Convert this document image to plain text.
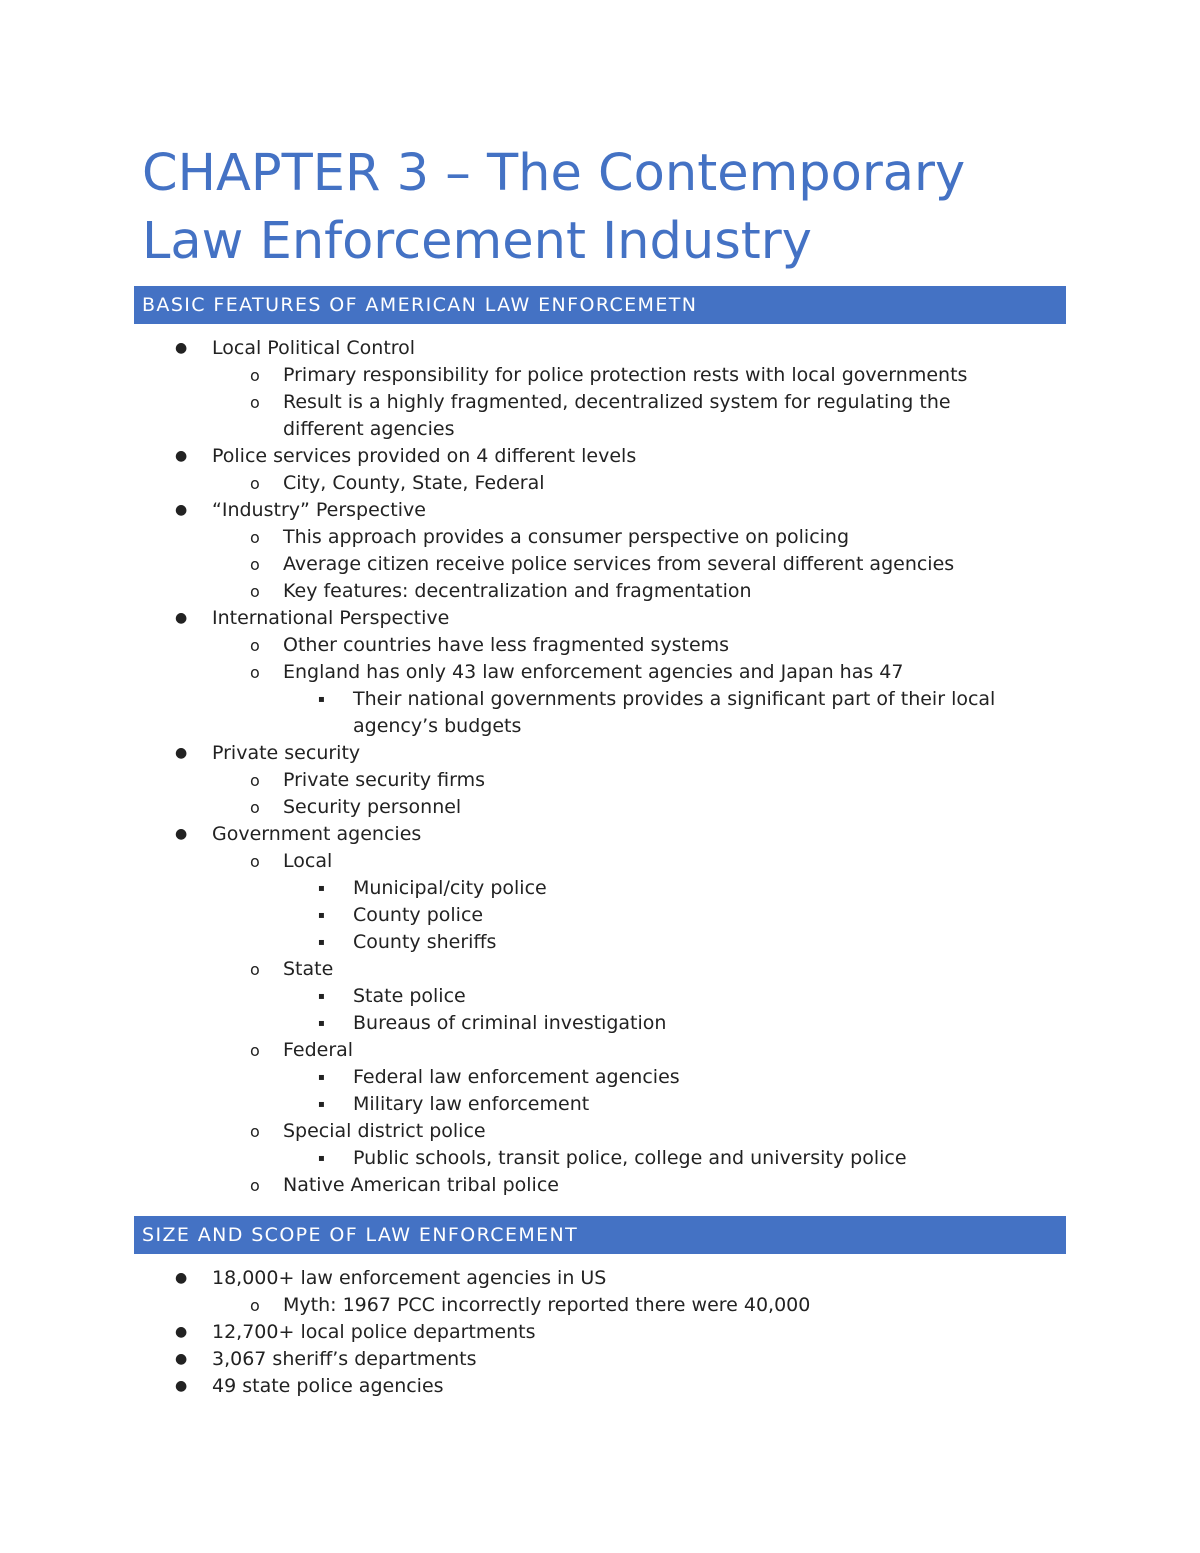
CHAPTER 3 – The Contemporary
Law Enforcement Industry
BASIC FEATURES OF AMERICAN LAW ENFORCEMETN
● Local Political Control
o Primary responsibility for police protection rests with local governments
o Result is a highly fragmented, decentralized system for regulating the different agencies
● Police services provided on 4 different levels
o City, County, State, Federal
● “Industry” Perspective
o This approach provides a consumer perspective on policing
o Average citizen receive police services from several different agencies
o Key features: decentralization and fragmentation
● International Perspective
o Other countries have less fragmented systems
o England has only 43 law enforcement agencies and Japan has 47
▪ Their national governments provides a significant part of their local agency’s budgets
● Private security
o Private security firms
o Security personnel
● Government agencies
o Local
▪ Municipal/city police
▪ County police
▪ County sheriffs
o State
▪ State police
▪ Bureaus of criminal investigation
o Federal
▪ Federal law enforcement agencies
▪ Military law enforcement
o Special district police
▪ Public schools, transit police, college and university police
o Native American tribal police
SIZE AND SCOPE OF LAW ENFORCEMENT
● 18,000+ law enforcement agencies in US
o Myth: 1967 PCC incorrectly reported there were 40,000
● 12,700+ local police departments
● 3,067 sheriff’s departments
● 49 state police agencies
